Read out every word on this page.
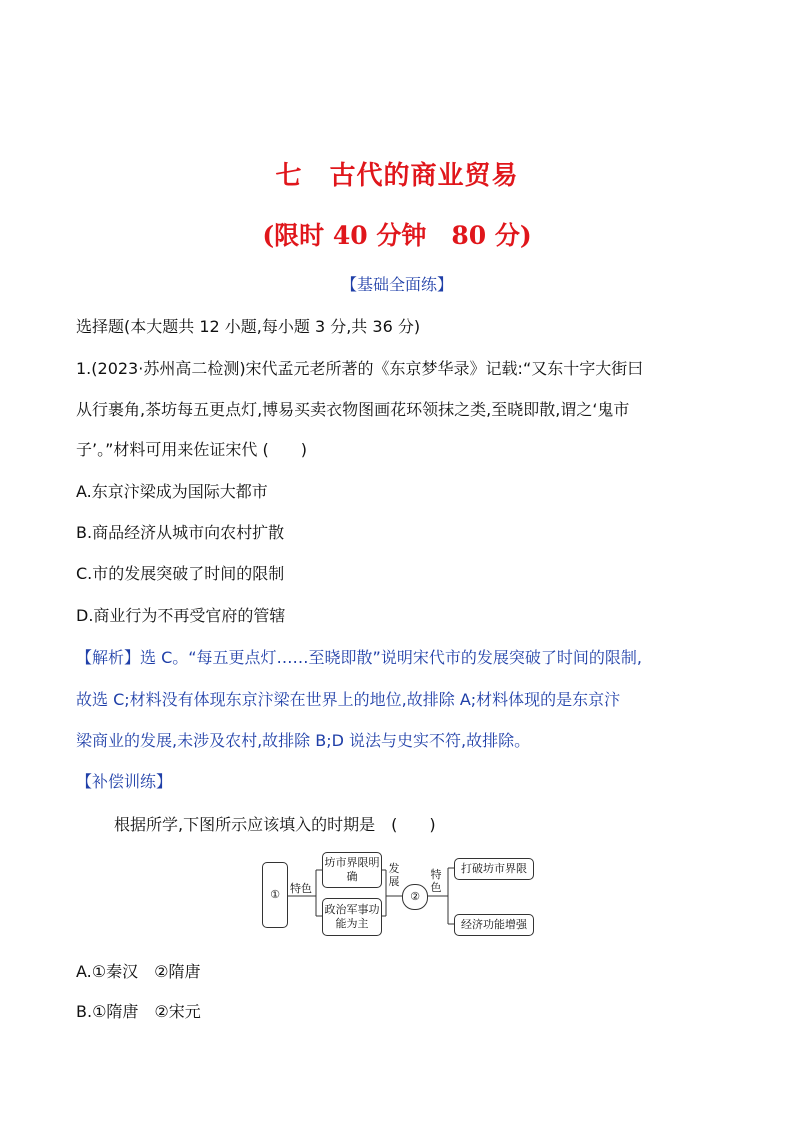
七　古代的商业贸易
(限时 40 分钟　80 分)
【基础全面练】
选择题(本大题共 12 小题,每小题 3 分,共 36 分)
1.(2023·苏州高二检测)宋代孟元老所著的《东京梦华录》记载:“又东十字大街曰
从行裹角,茶坊每五更点灯,博易买卖衣物图画花环领抹之类,至晓即散,谓之‘鬼市
子’。”材料可用来佐证宋代 (　　)
A.东京汴梁成为国际大都市
B.商品经济从城市向农村扩散
C.市的发展突破了时间的限制
D.商业行为不再受官府的管辖
【解析】选 C。“每五更点灯……至晓即散”说明宋代市的发展突破了时间的限制,
故选 C;材料没有体现东京汴梁在世界上的地位,故排除 A;材料体现的是东京汴
梁商业的发展,未涉及农村,故排除 B;D 说法与史实不符,故排除。
【补偿训练】
根据所学,下图所示应该填入的时期是　(　　)
① 特色
坊市界限明确
政治军事功能为主
发展
②
特色
打破坊市界限
经济功能增强
A.①秦汉　②隋唐
B.①隋唐　②宋元
